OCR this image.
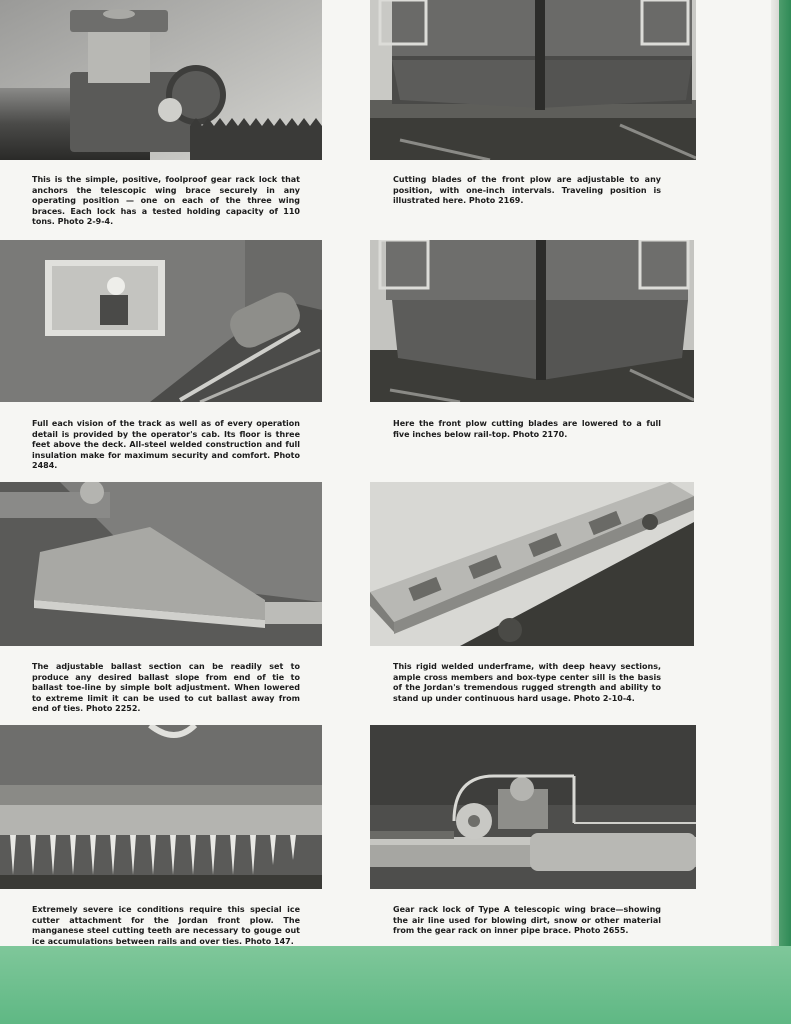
This is the simple, positive, foolproof gear rack lock that anchors the telescopic wing brace securely in any operating position — one on each of the three wing braces. Each lock has a tested holding capacity of 110 tons. Photo 2-9-4.

Cutting blades of the front plow are adjustable to any position, with one-inch intervals. Traveling position is illustrated here. Photo 2169.

Full each vision of the track as well as of every operation detail is provided by the operator's cab. Its floor is three feet above the deck. All-steel welded construction and full insulation make for maximum security and comfort. Photo 2484.

Here the front plow cutting blades are lowered to a full five inches below rail-top. Photo 2170.

The adjustable ballast section can be readily set to produce any desired ballast slope from end of tie to ballast toe-line by simple bolt adjustment. When lowered to extreme limit it can be used to cut ballast away from end of ties. Photo 2252.

This rigid welded underframe, with deep heavy sections, ample cross members and box-type center sill is the basis of the Jordan's tremendous rugged strength and ability to stand up under continuous hard usage. Photo 2-10-4.

Extremely severe ice conditions require this special ice cutter attachment for the Jordan front plow. The manganese steel cutting teeth are necessary to gouge out ice accumulations between rails and over ties. Photo 147.

Gear rack lock of Type A telescopic wing brace—showing the air line used for blowing dirt, snow or other material from the gear rack on inner pipe brace. Photo 2655.
